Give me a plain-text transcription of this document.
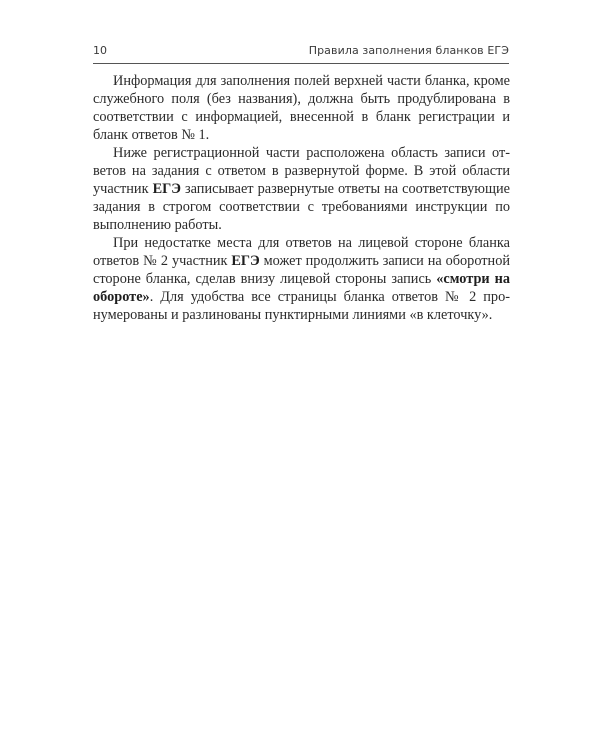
10	Правила заполнения бланков ЕГЭ

Информация для заполнения полей верхней части бланка, кроме служебного поля (без названия), должна быть продублирована в соответствии с информацией, внесенной в бланк регистрации и бланк ответов № 1.

Ниже регистрационной части расположена область записи ответов на задания с ответом в развернутой форме. В этой области участник ЕГЭ записывает развернутые ответы на соответствующие задания в строгом соответствии с требованиями инструкции по выполнению работы.

При недостатке места для ответов на лицевой стороне бланка ответов № 2 участник ЕГЭ может продолжить записи на оборотной стороне бланка, сделав внизу лицевой стороны запись «смотри на обороте». Для удобства все страницы бланка ответов № 2 пронумерованы и разлинованы пунктирными линиями «в клеточку».
